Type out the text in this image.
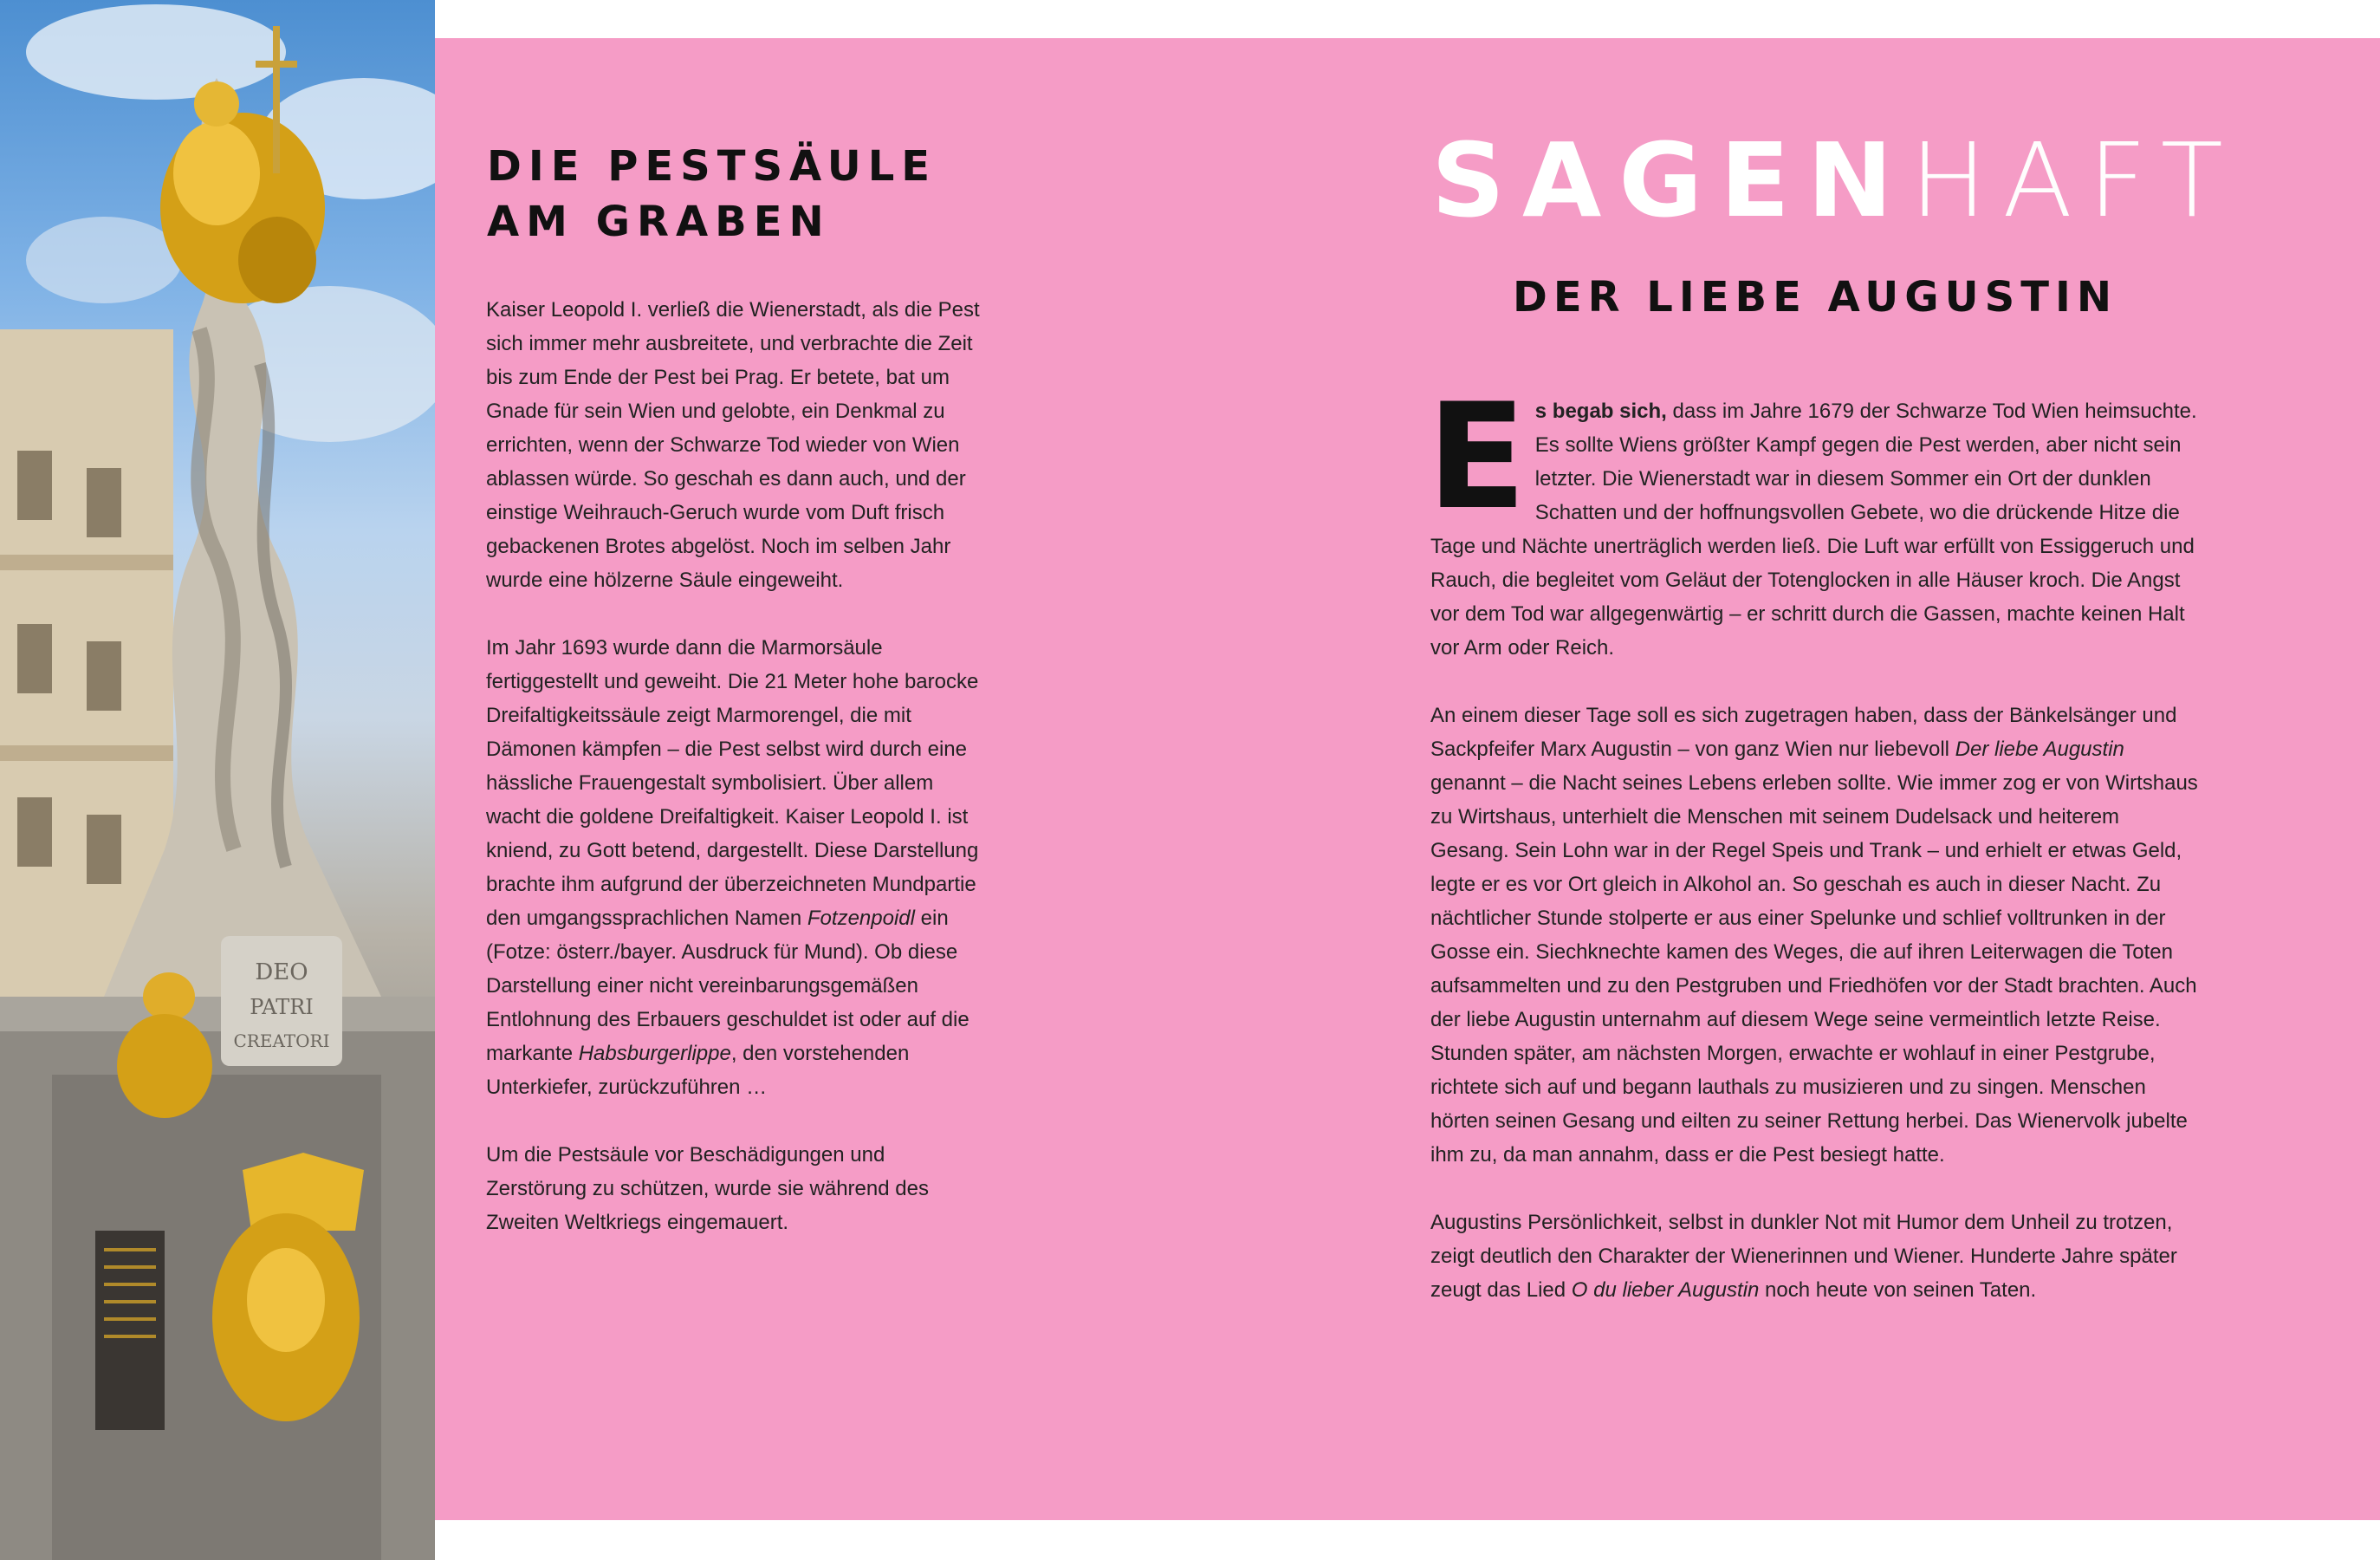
DEO
PATRI
CREATORI
DIE PESTSÄULE
AM GRABEN

Kaiser Leopold I. verließ die Wienerstadt, als die Pest sich immer mehr ausbreitete, und verbrachte die Zeit bis zum Ende der Pest bei Prag. Er betete, bat um Gnade für sein Wien und gelobte, ein Denkmal zu errichten, wenn der Schwarze Tod wieder von Wien ablassen würde. So geschah es dann auch, und der einstige Weihrauch-Geruch wurde vom Duft frisch gebackenen Brotes abgelöst. Noch im selben Jahr wurde eine hölzerne Säule eingeweiht.

Im Jahr 1693 wurde dann die Marmorsäule fertiggestellt und geweiht. Die 21 Meter hohe barocke Dreifaltigkeitssäule zeigt Marmorengel, die mit Dämonen kämpfen – die Pest selbst wird durch eine hässliche Frauengestalt symbolisiert. Über allem wacht die goldene Dreifaltigkeit. Kaiser Leopold I. ist kniend, zu Gott betend, dargestellt. Diese Darstellung brachte ihm aufgrund der überzeichneten Mundpartie den umgangssprachlichen Namen Fotzenpoidl ein (Fotze: österr./bayer. Ausdruck für Mund). Ob diese Darstellung einer nicht vereinbarungsgemäßen Entlohnung des Erbauers geschuldet ist oder auf die markante Habsburgerlippe, den vorstehenden Unterkiefer, zurückzuführen …

Um die Pestsäule vor Beschädigungen und Zerstörung zu schützen, wurde sie während des Zweiten Weltkriegs eingemauert.

SAGENHAFT
DER LIEBE AUGUSTIN

Es begab sich, dass im Jahre 1679 der Schwarze Tod Wien heimsuchte. Es sollte Wiens größter Kampf gegen die Pest werden, aber nicht sein letzter. Die Wienerstadt war in diesem Sommer ein Ort der dunklen Schatten und der hoffnungsvollen Gebete, wo die drückende Hitze die Tage und Nächte unerträglich werden ließ. Die Luft war erfüllt von Essiggeruch und Rauch, die begleitet vom Geläut der Totenglocken in alle Häuser kroch. Die Angst vor dem Tod war allgegenwärtig – er schritt durch die Gassen, machte keinen Halt vor Arm oder Reich.

An einem dieser Tage soll es sich zugetragen haben, dass der Bänkelsänger und Sackpfeifer Marx Augustin – von ganz Wien nur liebevoll Der liebe Augustin genannt – die Nacht seines Lebens erleben sollte. Wie immer zog er von Wirtshaus zu Wirtshaus, unterhielt die Menschen mit seinem Dudelsack und heiterem Gesang. Sein Lohn war in der Regel Speis und Trank – und erhielt er etwas Geld, legte er es vor Ort gleich in Alkohol an. So geschah es auch in dieser Nacht. Zu nächtlicher Stunde stolperte er aus einer Spelunke und schlief volltrunken in der Gosse ein. Siechknechte kamen des Weges, die auf ihren Leiterwagen die Toten aufsammelten und zu den Pestgruben und Friedhöfen vor der Stadt brachten. Auch der liebe Augustin unternahm auf diesem Wege seine vermeintlich letzte Reise. Stunden später, am nächsten Morgen, erwachte er wohlauf in einer Pestgrube, richtete sich auf und begann lauthals zu musizieren und zu singen. Menschen hörten seinen Gesang und eilten zu seiner Rettung herbei. Das Wienervolk jubelte ihm zu, da man annahm, dass er die Pest besiegt hatte.

Augustins Persönlichkeit, selbst in dunkler Not mit Humor dem Unheil zu trotzen, zeigt deutlich den Charakter der Wienerinnen und Wiener. Hunderte Jahre später zeugt das Lied O du lieber Augustin noch heute von seinen Taten.
